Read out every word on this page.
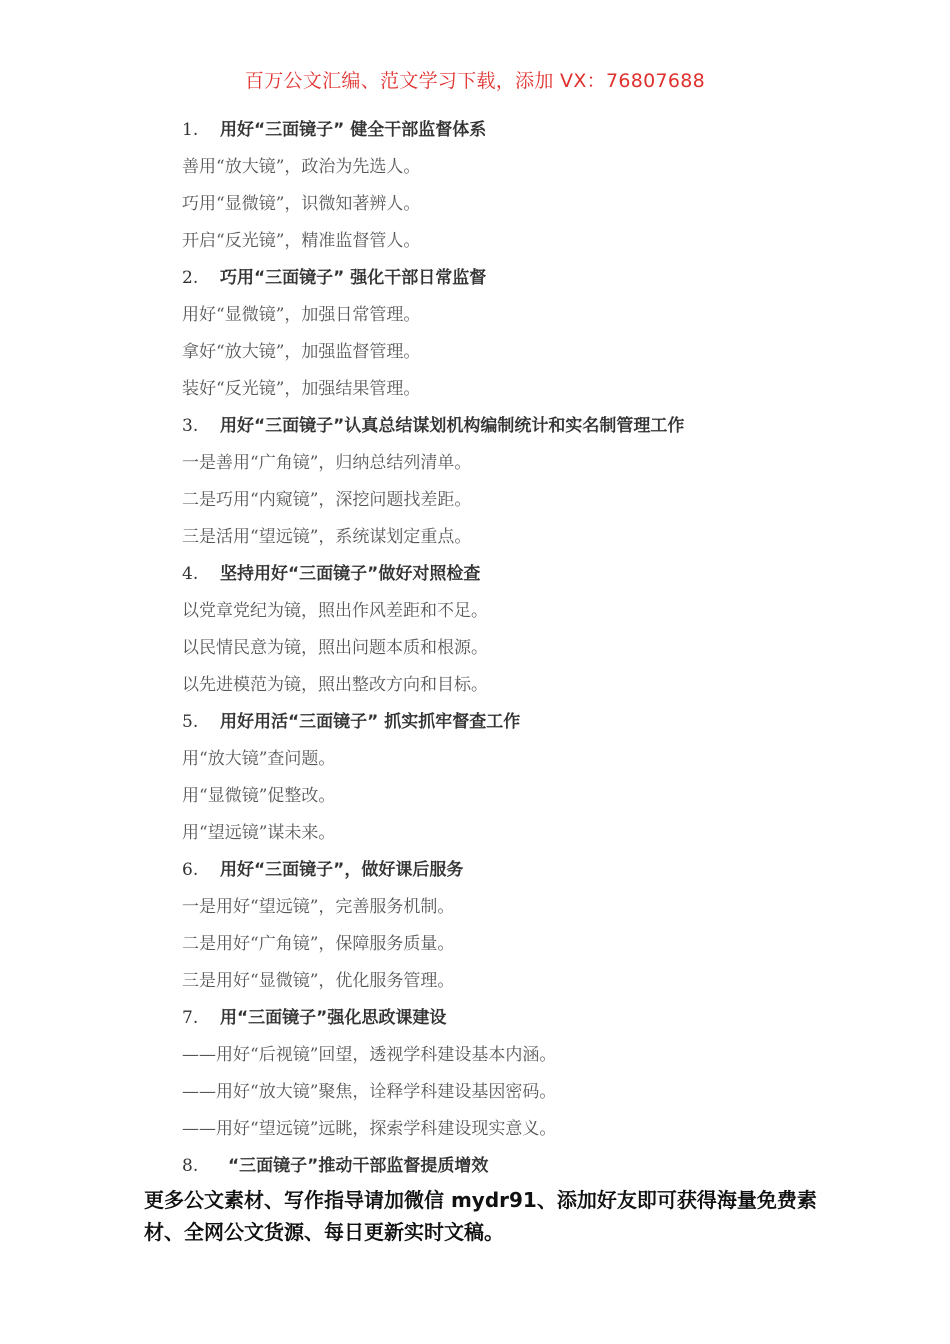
百万公文汇编、范文学习下载，添加 VX：76807688
1. 用好“三面镜子” 健全干部监督体系
善用“放大镜”，政治为先选人。
巧用“显微镜”，识微知著辨人。
开启“反光镜”，精准监督管人。
2. 巧用“三面镜子” 强化干部日常监督
用好“显微镜”，加强日常管理。
拿好“放大镜”，加强监督管理。
装好“反光镜”，加强结果管理。
3. 用好“三面镜子”认真总结谋划机构编制统计和实名制管理工作
一是善用“广角镜”，归纳总结列清单。
二是巧用“内窥镜”，深挖问题找差距。
三是活用“望远镜”，系统谋划定重点。
4. 坚持用好“三面镜子”做好对照检查
以党章党纪为镜，照出作风差距和不足。
以民情民意为镜，照出问题本质和根源。
以先进模范为镜，照出整改方向和目标。
5. 用好用活“三面镜子” 抓实抓牢督查工作
用“放大镜”查问题。
用“显微镜”促整改。
用“望远镜”谋未来。
6. 用好“三面镜子”，做好课后服务
一是用好“望远镜”，完善服务机制。
二是用好“广角镜”，保障服务质量。
三是用好“显微镜”，优化服务管理。
7. 用“三面镜子”强化思政课建设
——用好“后视镜”回望，透视学科建设基本内涵。
——用好“放大镜”聚焦，诠释学科建设基因密码。
——用好“望远镜”远眺，探索学科建设现实意义。
8. “三面镜子”推动干部监督提质增效
更多公文素材、写作指导请加微信 mydr91、添加好友即可获得海量免费素材、全网公文货源、每日更新实时文稿。
